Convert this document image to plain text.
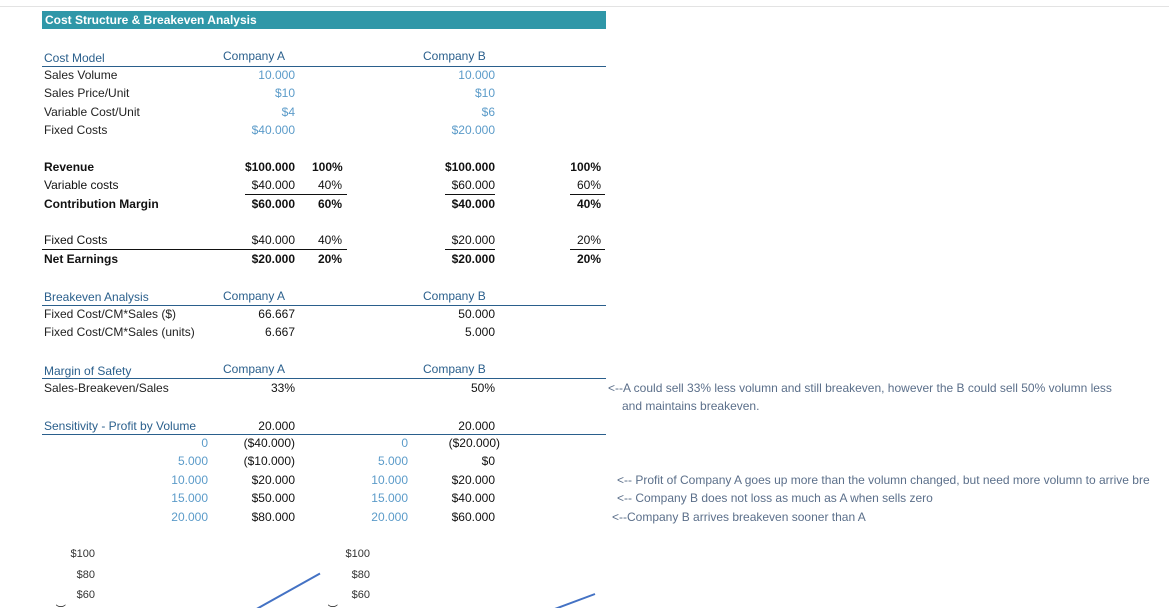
Cost Structure & Breakeven Analysis
Cost Model	Company A	Company B
Sales Volume	10.000	10.000
Sales Price/Unit	$10	$10
Variable Cost/Unit	$4	$6
Fixed Costs	$40.000	$20.000
Revenue	$100.000 100%	$100.000	100%
Variable costs	$40.000 40%	$60.000	60%
Contribution Margin	$60.000 60%	$40.000	40%
Fixed Costs	$40.000 40%	$20.000	20%
Net Earnings	$20.000 20%	$20.000	20%
Breakeven Analysis	Company A	Company B
Fixed Cost/CM*Sales ($)	66.667	50.000
Fixed Cost/CM*Sales (units)	6.667	5.000
Margin of Safety	Company A	Company B
Sales-Breakeven/Sales	33%	50%	<--A could sell 33% less volumn and still breakeven, however the B could sell 50% volumn less
and maintains breakeven.
Sensitivity - Profit by Volume	20.000	20.000
0	($40.000)	0	($20.000)
5.000	($10.000)	5.000	$0
10.000	$20.000	10.000	$20.000	<-- Profit of Company A goes up more than the volumn changed, but need more volumn to arrive bre
15.000	$50.000	15.000	$40.000	<-- Company B does not loss as much as A when sells zero
20.000	$80.000	20.000	$60.000	<--Company B arrives breakeven sooner than A
$100
$80
$60
(
$100
$80
$60
(
